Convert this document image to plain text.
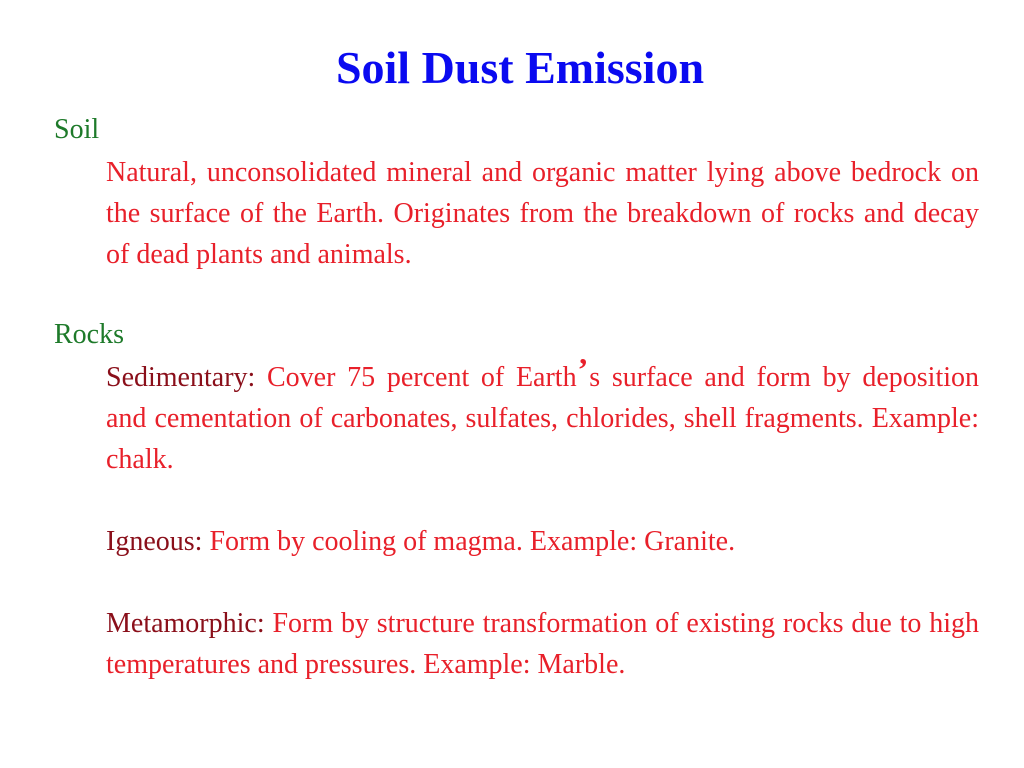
Soil Dust Emission
Soil
Natural, unconsolidated mineral and organic matter lying above bedrock on the surface of the Earth. Originates from the breakdown of rocks and decay of dead plants and animals.
Rocks
Sedimentary: Cover 75 percent of Earth’s surface and form by deposition and cementation of carbonates, sulfates, chlorides, shell fragments. Example: chalk.
Igneous: Form by cooling of magma. Example: Granite.
Metamorphic: Form by structure transformation of existing rocks due to high temperatures and pressures. Example: Marble.
